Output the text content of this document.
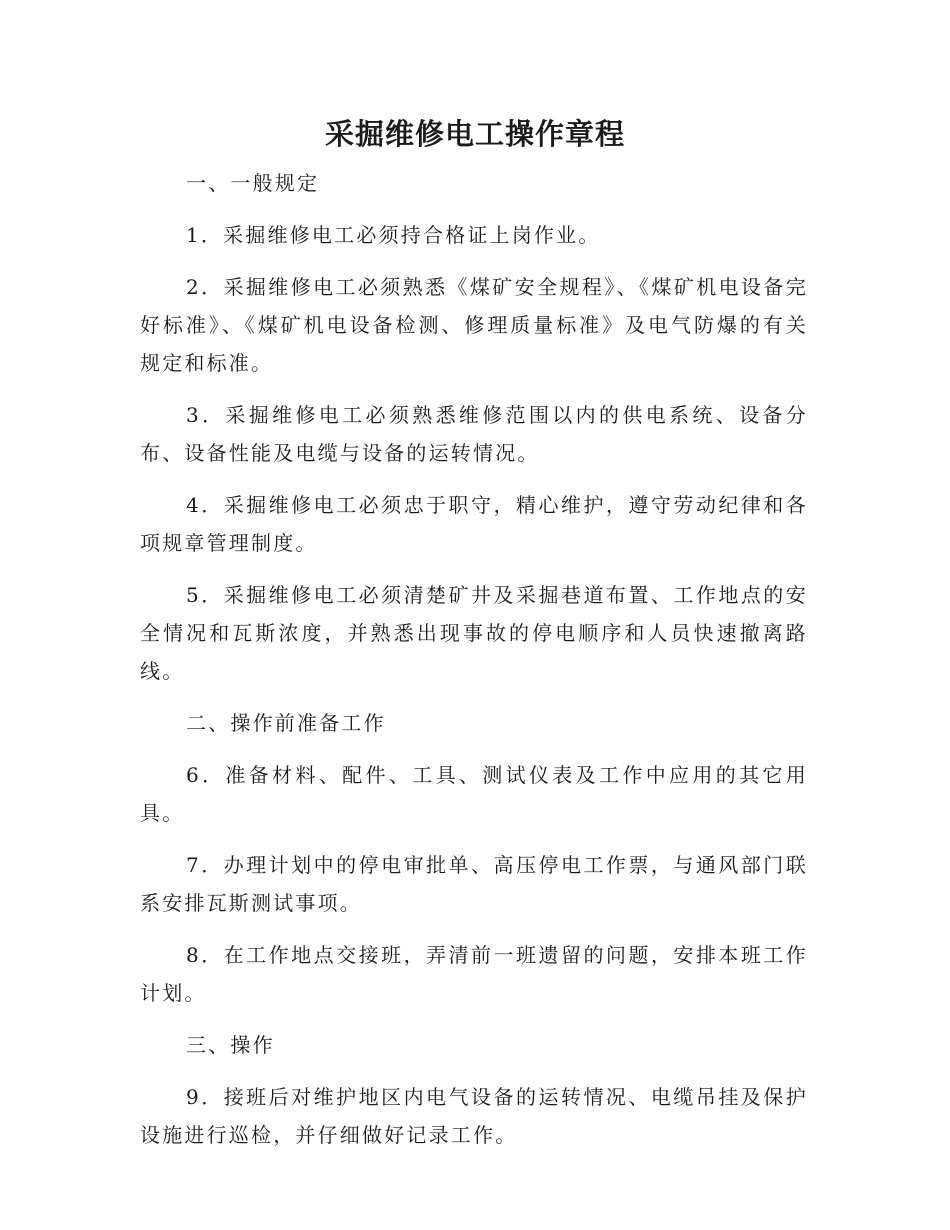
采掘维修电工操作章程

一、一般规定

1．采掘维修电工必须持合格证上岗作业。

2．采掘维修电工必须熟悉《煤矿安全规程》、《煤矿机电设备完好标准》、《煤矿机电设备检测、修理质量标准》及电气防爆的有关规定和标准。

3．采掘维修电工必须熟悉维修范围以内的供电系统、设备分布、设备性能及电缆与设备的运转情况。

4．采掘维修电工必须忠于职守，精心维护，遵守劳动纪律和各项规章管理制度。

5．采掘维修电工必须清楚矿井及采掘巷道布置、工作地点的安全情况和瓦斯浓度，并熟悉出现事故的停电顺序和人员快速撤离路线。

二、操作前准备工作

6．准备材料、配件、工具、测试仪表及工作中应用的其它用具。

7．办理计划中的停电审批单、高压停电工作票，与通风部门联系安排瓦斯测试事项。

8．在工作地点交接班，弄清前一班遗留的问题，安排本班工作计划。

三、操作

9．接班后对维护地区内电气设备的运转情况、电缆吊挂及保护设施进行巡检，并仔细做好记录工作。
